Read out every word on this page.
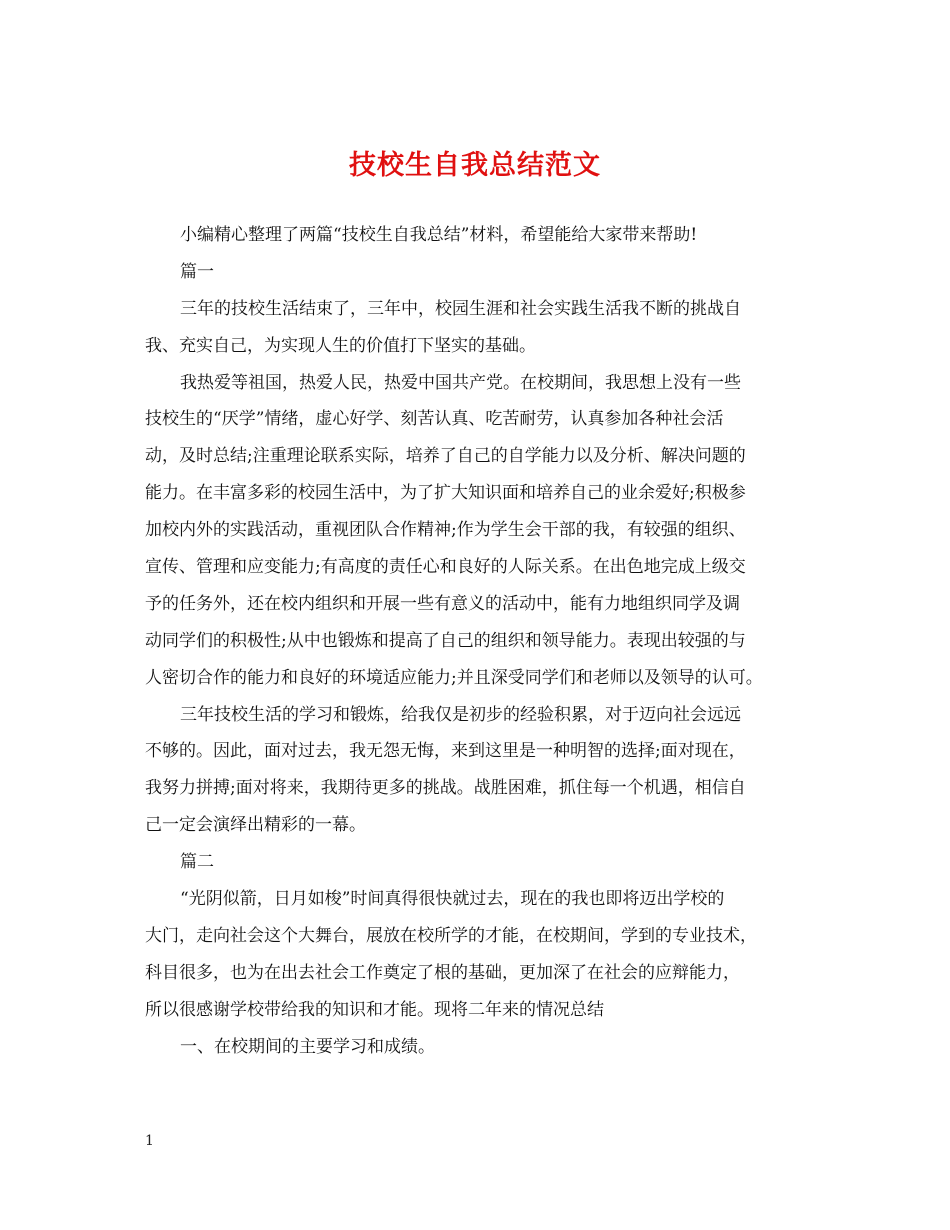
技校生自我总结范文
小编精心整理了两篇“技校生自我总结”材料，希望能给大家带来帮助!
篇一
三年的技校生活结束了，三年中，校园生涯和社会实践生活我不断的挑战自
我、充实自己，为实现人生的价值打下坚实的基础。
我热爱等祖国，热爱人民，热爱中国共产党。在校期间，我思想上没有一些
技校生的“厌学”情绪，虚心好学、刻苦认真、吃苦耐劳，认真参加各种社会活
动，及时总结;注重理论联系实际，培养了自己的自学能力以及分析、解决问题的
能力。在丰富多彩的校园生活中，为了扩大知识面和培养自己的业余爱好;积极参
加校内外的实践活动，重视团队合作精神;作为学生会干部的我，有较强的组织、
宣传、管理和应变能力;有高度的责任心和良好的人际关系。在出色地完成上级交
予的任务外，还在校内组织和开展一些有意义的活动中，能有力地组织同学及调
动同学们的积极性;从中也锻炼和提高了自己的组织和领导能力。表现出较强的与
人密切合作的能力和良好的环境适应能力;并且深受同学们和老师以及领导的认可。
三年技校生活的学习和锻炼，给我仅是初步的经验积累，对于迈向社会远远
不够的。因此，面对过去，我无怨无悔，来到这里是一种明智的选择;面对现在，
我努力拼搏;面对将来，我期待更多的挑战。战胜困难，抓住每一个机遇，相信自
己一定会演绎出精彩的一幕。
篇二
“光阴似箭，日月如梭”时间真得很快就过去，现在的我也即将迈出学校的
大门，走向社会这个大舞台，展放在校所学的才能，在校期间，学到的专业技术，
科目很多，也为在出去社会工作奠定了根的基础，更加深了在社会的应辩能力，
所以很感谢学校带给我的知识和才能。现将二年来的情况总结
一、在校期间的主要学习和成绩。
1
